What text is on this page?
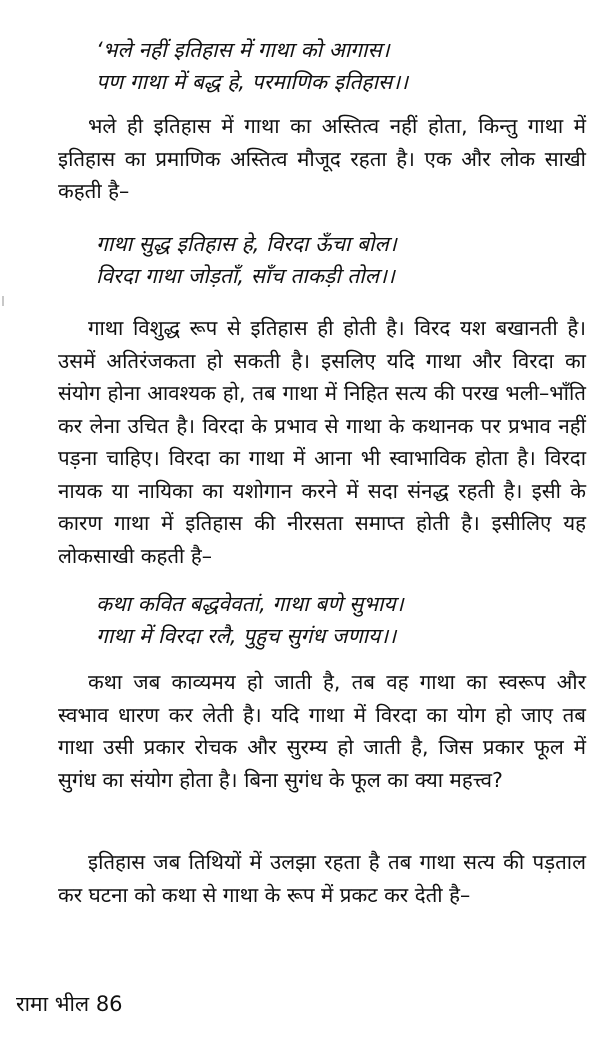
‘भले नहीं इतिहास में गाथा को आगास।
पण गाथा में बद्ध हे, परमाणिक इतिहास।।

भले ही इतिहास में गाथा का अस्तित्व नहीं होता, किन्तु गाथा में इतिहास का प्रमाणिक अस्तित्व मौजूद रहता है। एक और लोक साखी कहती है–

गाथा सुद्ध इतिहास हे, विरदा ऊँचा बोल।
विरदा गाथा जोड़ताँ, साँच ताकड़ी तोल।।

गाथा विशुद्ध रूप से इतिहास ही होती है। विरद यश बखानती है। उसमें अतिरंजकता हो सकती है। इसलिए यदि गाथा और विरदा का संयोग होना आवश्यक हो, तब गाथा में निहित सत्य की परख भली–भाँति कर लेना उचित है। विरदा के प्रभाव से गाथा के कथानक पर प्रभाव नहीं पड़ना चाहिए। विरदा का गाथा में आना भी स्वाभाविक होता है। विरदा नायक या नायिका का यशोगान करने में सदा संनद्ध रहती है। इसी के कारण गाथा में इतिहास की नीरसता समाप्त होती है। इसीलिए यह लोकसाखी कहती है–

कथा कवित बद्धवेवतां, गाथा बणे सुभाय।
गाथा में विरदा रलै, पुहुच सुगंध जणाय।।

कथा जब काव्यमय हो जाती है, तब वह गाथा का स्वरूप और स्वभाव धारण कर लेती है। यदि गाथा में विरदा का योग हो जाए तब गाथा उसी प्रकार रोचक और सुरम्य हो जाती है, जिस प्रकार फूल में सुगंध का संयोग होता है। बिना सुगंध के फूल का क्या महत्त्व?

इतिहास जब तिथियों में उलझा रहता है तब गाथा सत्य की पड़ताल कर घटना को कथा से गाथा के रूप में प्रकट कर देती है–

रामा भील 86
